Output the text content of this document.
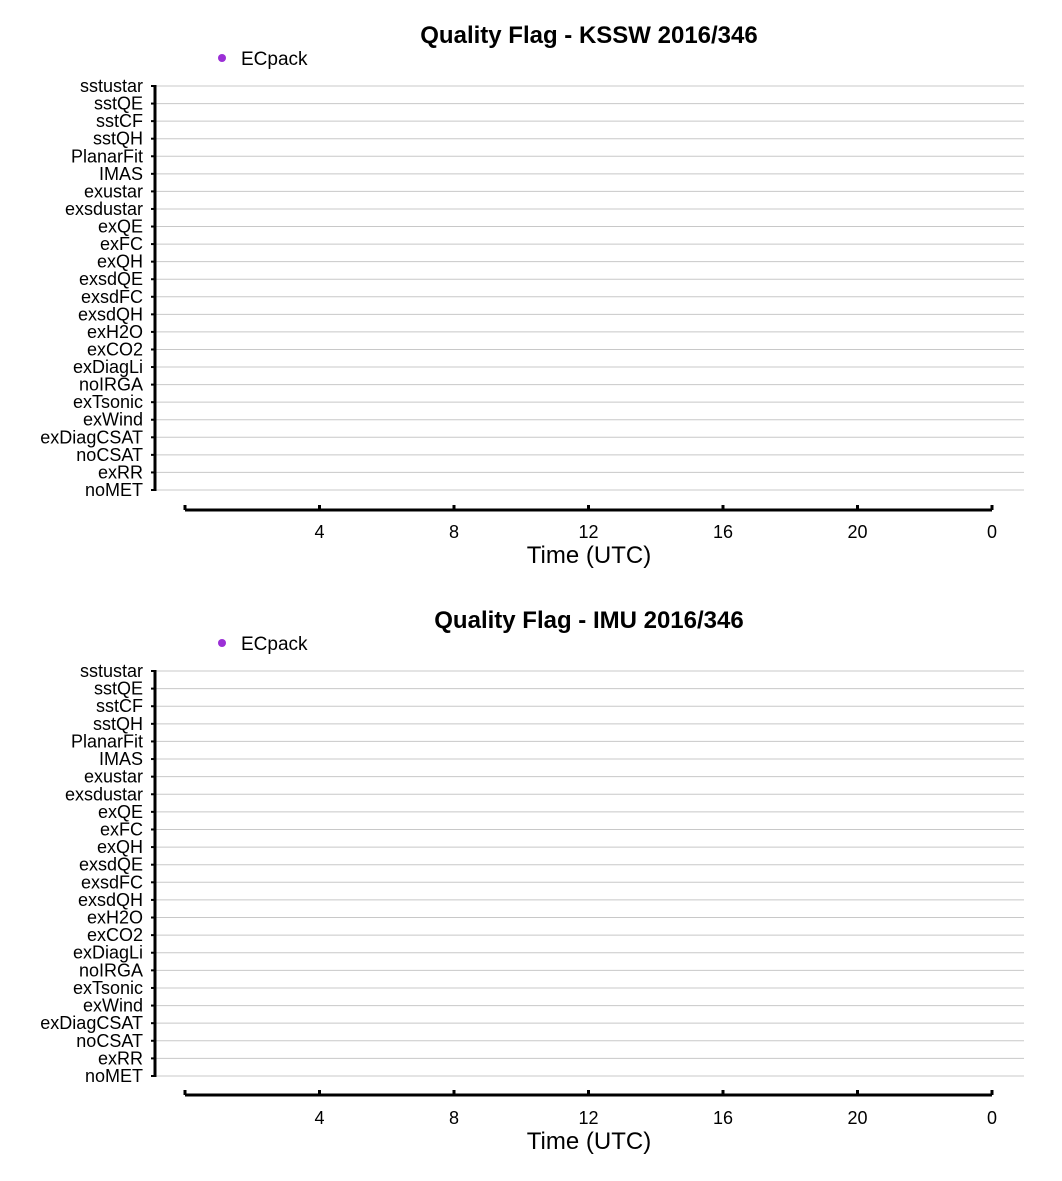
Quality Flag - KSSW 2016/346
ECpack
sstustar
sstQE
sstCF
sstQH
PlanarFit
IMAS
exustar
exsdustar
exQE
exFC
exQH
exsdQE
exsdFC
exsdQH
exH2O
exCO2
exDiagLi
noIRGA
exTsonic
exWind
exDiagCSAT
noCSAT
exRR
noMET
4	8	12	16	20	0
Time (UTC)
Quality Flag - IMU 2016/346
ECpack
sstustar
sstQE
sstCF
sstQH
PlanarFit
IMAS
exustar
exsdustar
exQE
exFC
exQH
exsdQE
exsdFC
exsdQH
exH2O
exCO2
exDiagLi
noIRGA
exTsonic
exWind
exDiagCSAT
noCSAT
exRR
noMET
4	8	12	16	20	0
Time (UTC)
